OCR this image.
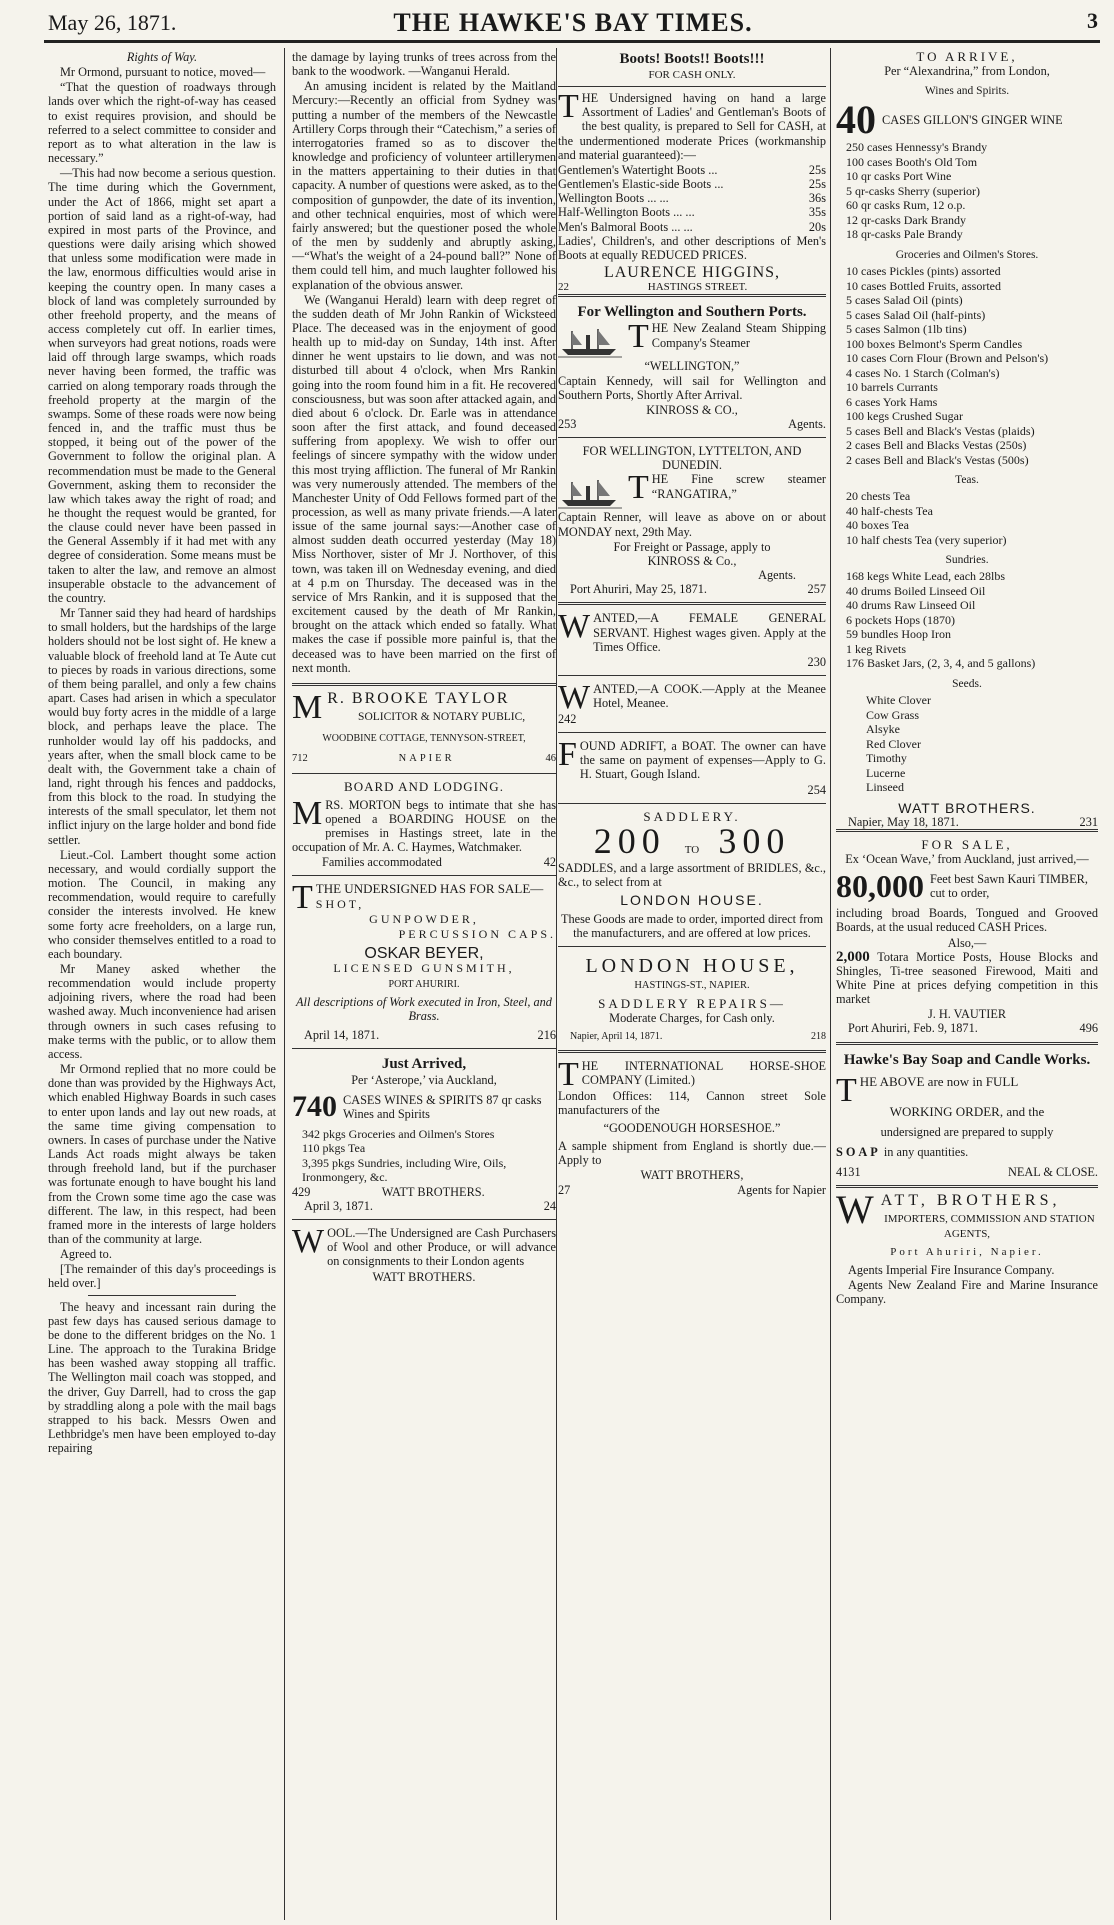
May 26, 1871.	THE HAWKE'S BAY TIMES.	3

Rights of Way.

Mr Ormond, pursuant to notice, moved—

“That the question of roadways through lands over which the right-of-way has ceased to exist requires provision, and should be referred to a select committee to consider and report as to what alteration in the law is necessary.”

—This had now become a serious question. The time during which the Government, under the Act of 1866, might set apart a portion of said land as a right-of-way, had expired in most parts of the Province, and questions were daily arising which showed that unless some modification were made in the law, enormous difficulties would arise in keeping the country open. In many cases a block of land was completely surrounded by other freehold property, and the means of access completely cut off. In earlier times, when surveyors had great notions, roads were laid off through large swamps, which roads never having been formed, the traffic was carried on along temporary roads through the freehold property at the margin of the swamps. Some of these roads were now being fenced in, and the traffic must thus be stopped, it being out of the power of the Government to follow the original plan. A recommendation must be made to the General Government, asking them to reconsider the law which takes away the right of road; and he thought the request would be granted, for the clause could never have been passed in the General Assembly if it had met with any degree of consideration. Some means must be taken to alter the law, and remove an almost insuperable obstacle to the advancement of the country.

Mr Tanner said they had heard of hardships to small holders, but the hardships of the large holders should not be lost sight of. He knew a valuable block of freehold land at Te Aute cut to pieces by roads in various directions, some of them being parallel, and only a few chains apart. Cases had arisen in which a speculator would buy forty acres in the middle of a large block, and perhaps leave the place. The runholder would lay off his paddocks, and years after, when the small block came to be dealt with, the Government take a chain of land, right through his fences and paddocks, from this block to the road. In studying the interests of the small speculator, let them not inflict injury on the large holder and bond fide settler.

Lieut.-Col. Lambert thought some action necessary, and would cordially support the motion. The Council, in making any recommendation, would require to carefully consider the interests involved. He knew some forty acre freeholders, on a large run, who consider themselves entitled to a road to each boundary.

Mr Maney asked whether the recommendation would include property adjoining rivers, where the road had been washed away. Much inconvenience had arisen through owners in such cases refusing to make terms with the public, or to allow them access.

Mr Ormond replied that no more could be done than was provided by the Highways Act, which enabled Highway Boards in such cases to enter upon lands and lay out new roads, at the same time giving compensation to owners. In cases of purchase under the Native Lands Act roads might always be taken through freehold land, but if the purchaser was fortunate enough to have bought his land from the Crown some time ago the case was different. The law, in this respect, had been framed more in the interests of large holders than of the community at large.

Agreed to.

[The remainder of this day's proceedings is held over.]

The heavy and incessant rain during the past few days has caused serious damage to be done to the different bridges on the No. 1 Line. The approach to the Turakina Bridge has been washed away stopping all traffic. The Wellington mail coach was stopped, and the driver, Guy Darrell, had to cross the gap by straddling along a pole with the mail bags strapped to his back. Messrs Owen and Lethbridge's men have been employed to-day repairing

the damage by laying trunks of trees across from the bank to the woodwork. —Wanganui Herald.

An amusing incident is related by the Maitland Mercury:—Recently an official from Sydney was putting a number of the members of the Newcastle Artillery Corps through their “Catechism,” a series of interrogatories framed so as to discover the knowledge and proficiency of volunteer artillerymen in the matters appertaining to their duties in that capacity. A number of questions were asked, as to the composition of gunpowder, the date of its invention, and other technical enquiries, most of which were fairly answered; but the questioner posed the whole of the men by suddenly and abruptly asking,—“What's the weight of a 24-pound ball?” None of them could tell him, and much laughter followed his explanation of the obvious answer.

We (Wanganui Herald) learn with deep regret of the sudden death of Mr John Rankin of Wicksteed Place. The deceased was in the enjoyment of good health up to mid-day on Sunday, 14th inst. After dinner he went upstairs to lie down, and was not disturbed till about 4 o'clock, when Mrs Rankin going into the room found him in a fit. He recovered consciousness, but was soon after attacked again, and died about 6 o'clock. Dr. Earle was in attendance soon after the first attack, and found deceased suffering from apoplexy. We wish to offer our feelings of sincere sympathy with the widow under this most trying affliction. The funeral of Mr Rankin was very numerously attended. The members of the Manchester Unity of Odd Fellows formed part of the procession, as well as many private friends.—A later issue of the same journal says:—Another case of almost sudden death occurred yesterday (May 18) Miss Northover, sister of Mr J. Northover, of this town, was taken ill on Wednesday evening, and died at 4 p.m on Thursday. The deceased was in the service of Mrs Rankin, and it is supposed that the excitement caused by the death of Mr Rankin, brought on the attack which ended so fatally. What makes the case if possible more painful is, that the deceased was to have been married on the first of next month.

M R. BROOKE TAYLOR
SOLICITOR & NOTARY PUBLIC,
WOODBINE COTTAGE, TENNYSON-STREET,
712	NAPIER	46
BOARD AND LODGING.

MRS. MORTON begs to intimate that she has opened a BOARDING HOUSE on the premises in Hastings street, late in the occupation of Mr. A. C. Haymes, Watchmaker.

Families accommodated	42
TTHE UNDERSIGNED HAS FOR SALE—
SHOT,
GUNPOWDER,
PERCUSSION CAPS.
OSKAR BEYER,
LICENSED GUNSMITH,
PORT AHURIRI.
All descriptions of Work executed in Iron, Steel, and Brass.
April 14, 1871.	216
Just Arrived,
Per ‘Asterope,’ via Auckland,
740 CASES WINES & SPIRITS 87 qr casks Wines and Spirits
342 pkgs Groceries and Oilmen's Stores
110 pkgs Tea
3,395 pkgs Sundries, including Wire, Oils, Ironmongery, &c.
429	WATT BROTHERS.
April 3, 1871.	24

WOOL.—The Undersigned are Cash Purchasers of Wool and other Produce, or will advance on consignments to their London agents

WATT BROTHERS.
Boots! Boots!! Boots!!!
FOR CASH ONLY.

THE Undersigned having on hand a large Assortment of Ladies' and Gentleman's Boots of the best quality, is prepared to Sell for CASH, at the undermentioned moderate Prices (workmanship and material guaranteed):—

Gentlemen's Watertight Boots ...	25s
Gentlemen's Elastic-side Boots ...	25s
Wellington Boots ... ...	36s
Half-Wellington Boots ... ...	35s
Men's Balmoral Boots ... ...	20s

Ladies', Children's, and other descriptions of Men's Boots at equally REDUCED PRICES.

LAURENCE HIGGINS,
22	HASTINGS STREET.
For Wellington and Southern Ports.

THE New Zealand Steam Shipping Company's Steamer

“WELLINGTON,”

Captain Kennedy, will sail for Wellington and Southern Ports, Shortly After Arrival.

KINROSS & CO.,
253	Agents.
FOR WELLINGTON, LYTTELTON, AND DUNEDIN.

THE Fine screw steamer “RANGATIRA,”

Captain Renner, will leave as above on or about MONDAY next, 29th May.

For Freight or Passage, apply to
KINROSS & Co.,
Agents.
Port Ahuriri, May 25, 1871.	257

WANTED,—A FEMALE GENERAL SERVANT. Highest wages given. Apply at the Times Office.

230

WANTED,—A COOK.—Apply at the Meanee Hotel, Meanee.

242

FOUND ADRIFT, a BOAT. The owner can have the same on payment of expenses—Apply to G. H. Stuart, Gough Island.

254
SADDLERY.
200 TO 300

SADDLES, and a large assortment of BRIDLES, &c., &c., to select from at

LONDON HOUSE.
These Goods are made to order, imported direct from the manufacturers, and are offered at low prices.
LONDON HOUSE,
HASTINGS-ST., NAPIER.
SADDLERY REPAIRS—
Moderate Charges, for Cash only.
Napier, April 14, 1871.	218

THE INTERNATIONAL HORSE-SHOE COMPANY (Limited.)

London Offices: 114, Cannon street Sole manufacturers of the

“GOODENOUGH HORSESHOE.”

A sample shipment from England is shortly due.—Apply to

WATT BROTHERS,
27	Agents for Napier
TO ARRIVE,
Per “Alexandrina,” from London,
Wines and Spirits.
40 CASES GILLON'S GINGER WINE
250 cases Hennessy's Brandy
100 cases Booth's Old Tom
10 qr casks Port Wine
5 qr-casks Sherry (superior)
60 qr casks Rum, 12 o.p.
12 qr-casks Dark Brandy
18 qr-casks Pale Brandy
Groceries and Oilmen's Stores.
10 cases Pickles (pints) assorted
10 cases Bottled Fruits, assorted
5 cases Salad Oil (pints)
5 cases Salad Oil (half-pints)
5 cases Salmon (1lb tins)
100 boxes Belmont's Sperm Candles
10 cases Corn Flour (Brown and Pelson's)
4 cases No. 1 Starch (Colman's)
10 barrels Currants
6 cases York Hams
100 kegs Crushed Sugar
5 cases Bell and Black's Vestas (plaids)
2 cases Bell and Blacks Vestas (250s)
2 cases Bell and Black's Vestas (500s)
Teas.
20 chests Tea
40 half-chests Tea
40 boxes Tea
10 half chests Tea (very superior)
Sundries.
168 kegs White Lead, each 28lbs
40 drums Boiled Linseed Oil
40 drums Raw Linseed Oil
6 pockets Hops (1870)
59 bundles Hoop Iron
1 keg Rivets
176 Basket Jars, (2, 3, 4, and 5 gallons)
Seeds.
White Clover
Cow Grass
Alsyke
Red Clover
Timothy
Lucerne
Linseed
WATT BROTHERS.
Napier, May 18, 1871.	231
FOR SALE,
Ex ‘Ocean Wave,’ from Auckland, just arrived,—
80,000 Feet best Sawn Kauri TIMBER, cut to order,

including broad Boards, Tongued and Grooved Boards, at the usual reduced CASH Prices.

Also,—

2,000 Totara Mortice Posts, House Blocks and Shingles, Ti-tree seasoned Firewood, Maiti and White Pine at prices defying competition in this market

J. H. VAUTIER
Port Ahuriri, Feb. 9, 1871.	496
Hawke's Bay Soap and Candle Works.

THE ABOVE are now in FULL

WORKING ORDER, and the
undersigned are prepared to supply
SOAP in any quantities.
4131	NEAL & CLOSE.
WATT, BROTHERS,
IMPORTERS, COMMISSION AND STATION AGENTS,
Port Ahuriri, Napier.

Agents Imperial Fire Insurance Company.

Agents New Zealand Fire and Marine Insurance Company.
